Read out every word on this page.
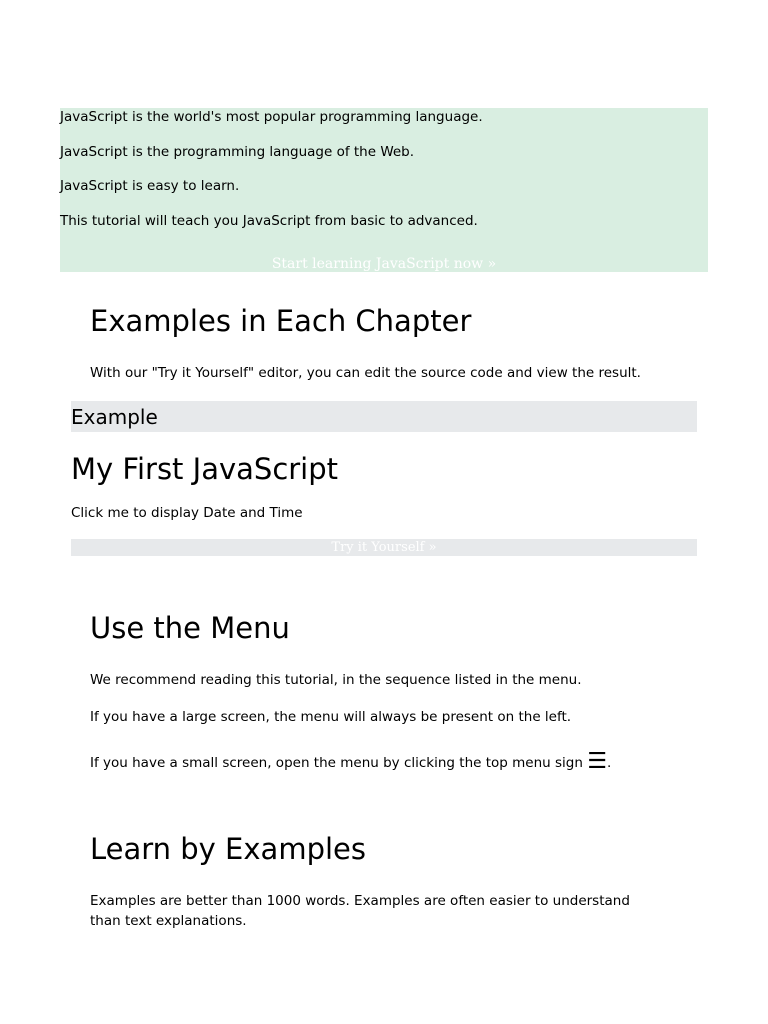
JavaScript is the world's most popular programming language.
JavaScript is the programming language of the Web.
JavaScript is easy to learn.
This tutorial will teach you JavaScript from basic to advanced.
Start learning JavaScript now »
Examples in Each Chapter

With our "Try it Yourself" editor, you can edit the source code and view the result.

Example
My First JavaScript

Click me to display Date and Time

Try it Yourself »
Use the Menu

We recommend reading this tutorial, in the sequence listed in the menu.

If you have a large screen, the menu will always be present on the left.

If you have a small screen, open the menu by clicking the top menu sign ☰.

Learn by Examples

Examples are better than 1000 words. Examples are often easier to understand

than text explanations.
